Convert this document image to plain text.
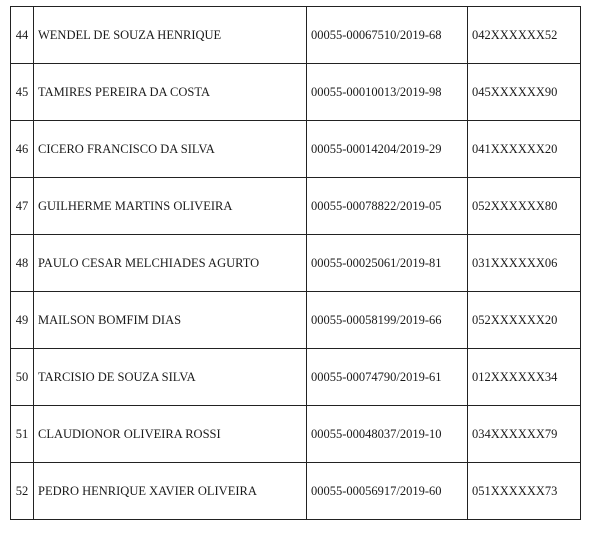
44	WENDEL DE SOUZA HENRIQUE	00055-00067510/2019-68	042XXXXXX52
45	TAMIRES PEREIRA DA COSTA	00055-00010013/2019-98	045XXXXXX90
46	CICERO FRANCISCO DA SILVA	00055-00014204/2019-29	041XXXXXX20
47	GUILHERME MARTINS OLIVEIRA	00055-00078822/2019-05	052XXXXXX80
48	PAULO CESAR MELCHIADES AGURTO	00055-00025061/2019-81	031XXXXXX06
49	MAILSON BOMFIM DIAS	00055-00058199/2019-66	052XXXXXX20
50	TARCISIO DE SOUZA SILVA	00055-00074790/2019-61	012XXXXXX34
51	CLAUDIONOR OLIVEIRA ROSSI	00055-00048037/2019-10	034XXXXXX79
52	PEDRO HENRIQUE XAVIER OLIVEIRA	00055-00056917/2019-60	051XXXXXX73
